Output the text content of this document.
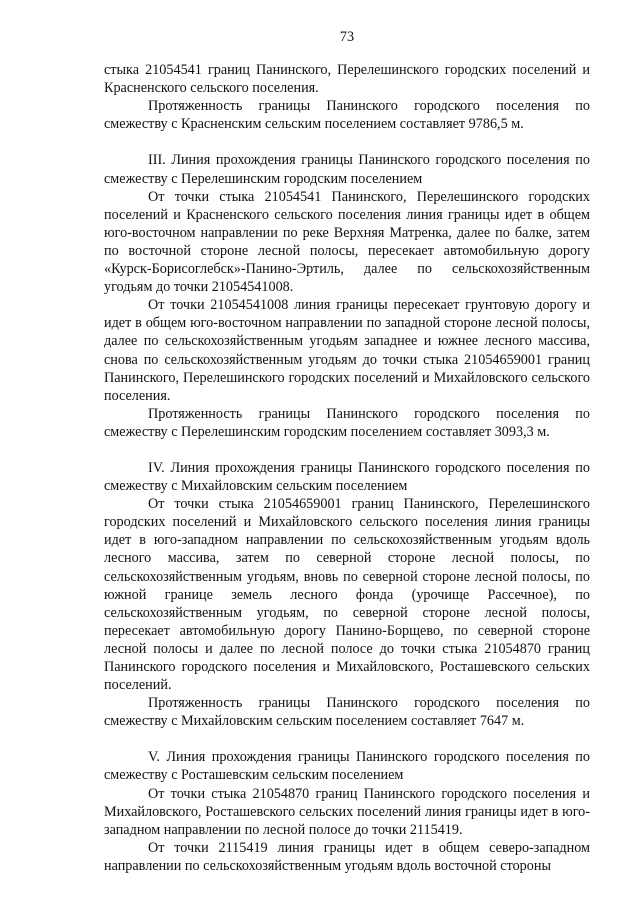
73

стыка 21054541 границ Панинского, Перелешинского городских поселений и Красненского сельского поселения.

Протяженность границы Панинского городского поселения по смежеству с Красненским сельским поселением составляет 9786,5 м.

III. Линия прохождения границы Панинского городского поселения по смежеству с Перелешинским городским поселением

От точки стыка 21054541 Панинского, Перелешинского городских поселений и Красненского сельского поселения линия границы идет в общем юго-восточном направлении по реке Верхняя Матренка, далее по балке, затем по восточной стороне лесной полосы, пересекает автомобильную дорогу «Курск-Борисоглебск»-Панино-Эртиль, далее по сельскохозяйственным угодьям до точки 21054541008.

От точки 21054541008 линия границы пересекает грунтовую дорогу и идет в общем юго-восточном направлении по западной стороне лесной полосы, далее по сельскохозяйственным угодьям западнее и южнее лесного массива, снова по сельскохозяйственным угодьям до точки стыка 21054659001 границ Панинского, Перелешинского городских поселений и Михайловского сельского поселения.

Протяженность границы Панинского городского поселения по смежеству с Перелешинским городским поселением составляет 3093,3 м.

IV. Линия прохождения границы Панинского городского поселения по смежеству с Михайловским сельским поселением

От точки стыка 21054659001 границ Панинского, Перелешинского городских поселений и Михайловского сельского поселения линия границы идет в юго-западном направлении по сельскохозяйственным угодьям вдоль лесного массива, затем по северной стороне лесной полосы, по сельскохозяйственным угодьям, вновь по северной стороне лесной полосы, по южной границе земель лесного фонда (урочище Рассечное), по сельскохозяйственным угодьям, по северной стороне лесной полосы, пересекает автомобильную дорогу Панино-Борщево, по северной стороне лесной полосы и далее по лесной полосе до точки стыка 21054870 границ Панинского городского поселения и Михайловского, Росташевского сельских поселений.

Протяженность границы Панинского городского поселения по смежеству с Михайловским сельским поселением составляет 7647 м.

V. Линия прохождения границы Панинского городского поселения по смежеству с Росташевским сельским поселением

От точки стыка 21054870 границ Панинского городского поселения и Михайловского, Росташевского сельских поселений линия границы идет в юго-западном направлении по лесной полосе до точки 2115419.

От точки 2115419 линия границы идет в общем северо-западном направлении по сельскохозяйственным угодьям вдоль восточной стороны
